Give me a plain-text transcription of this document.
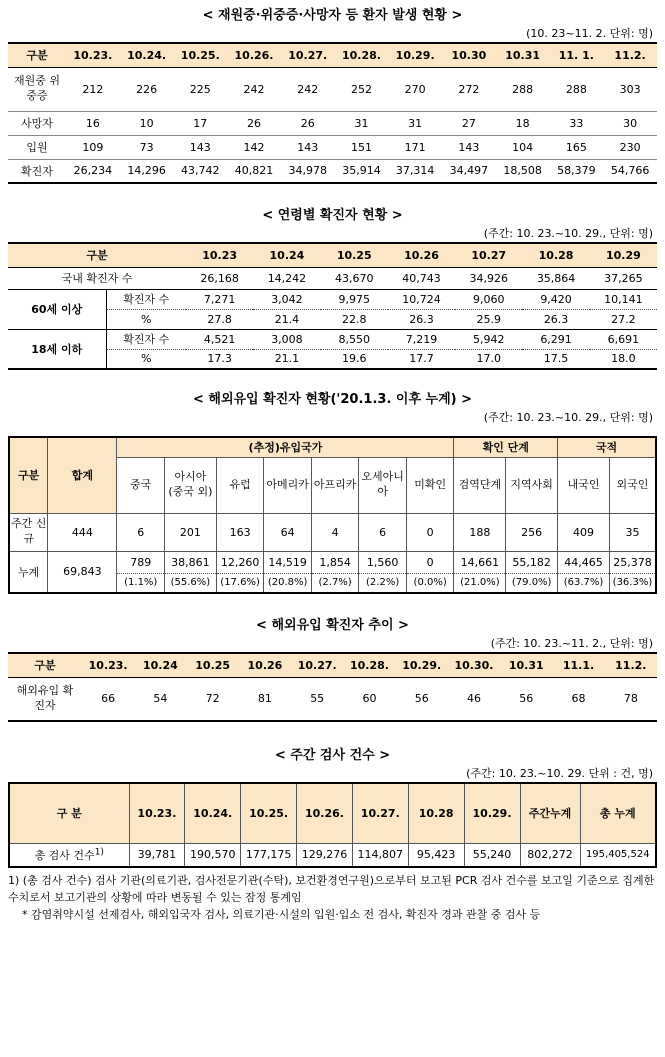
< 재원중·위중증·사망자 등 환자 발생 현황 >
(10. 23~11. 2. 단위: 명)
구분	10.23.	10.24.	10.25.	10.26.	10.27.	10.28.	10.29.	10.30	10.31	11. 1.	11.2.
재원중 위중증	212	226	225	242	242	252	270	272	288	288	303
사망자	16	10	17	26	26	31	31	27	18	33	30
입원	109	73	143	142	143	151	171	143	104	165	230
확진자	26,234	14,296	43,742	40,821	34,978	35,914	37,314	34,497	18,508	58,379	54,766
< 연령별 확진자 현황 >
(주간: 10. 23.~10. 29., 단위: 명)
구분		10.23	10.24	10.25	10.26	10.27	10.28	10.29
국내 확진자 수		26,168	14,242	43,670	40,743	34,926	35,864	37,265
60세 이상	확진자 수	7,271	3,042	9,975	10,724	9,060	9,420	10,141
	%	27.8	21.4	22.8	26.3	25.9	26.3	27.2
18세 이하	확진자 수	4,521	3,008	8,550	7,219	5,942	6,291	6,691
	%	17.3	21.1	19.6	17.7	17.0	17.5	18.0
< 해외유입 확진자 현황('20.1.3. 이후 누계) >
(주간: 10. 23.~10. 29., 단위: 명)
구분	합계	(추정)유입국가							확인 단계		국적	
		중국	아시아 (중국 외)	유럽	아메리카	아프리카	오세아니아	미확인	검역단계	지역사회	내국인	외국인
주간 신규	444	6	201	163	64	4	6	0	188	256	409	35
누계	69,843	789	38,861	12,260	14,519	1,854	1,560	0	14,661	55,182	44,465	25,378
		(1.1%)	(55.6%)	(17.6%)	(20.8%)	(2.7%)	(2.2%)	(0.0%)	(21.0%)	(79.0%)	(63.7%)	(36.3%)
< 해외유입 확진자 추이 >
(주간: 10. 23.~11. 2., 단위: 명)
구분	10.23.	10.24	10.25	10.26	10.27.	10.28.	10.29.	10.30.	10.31	11.1.	11.2.
해외유입 확진자	66	54	72	81	55	60	56	46	56	68	78
< 주간 검사 건수 >
(주간: 10. 23.~10. 29. 단위 : 건, 명)
구 분	10.23.	10.24.	10.25.	10.26.	10.27.	10.28	10.29.	주간누계	총 누계
총 검사 건수$^{1)}$	39,781	190,570	177,175	129,276	114,807	95,423	55,240	802,272	195,405,524
1) (총 검사 건수) 검사 기관(의료기관, 검사전문기관(수탁), 보건환경연구원)으로부터 보고된 PCR 검사 건수를 보고일 기준으로 집계한 수치로서 보고기관의 상황에 따라 변동될 수 있는 잠정 통계임
* 감염취약시설 선제검사, 해외입국자 검사, 의료기관·시설의 입원·입소 전 검사, 확진자 경과 관찰 중 검사 등
